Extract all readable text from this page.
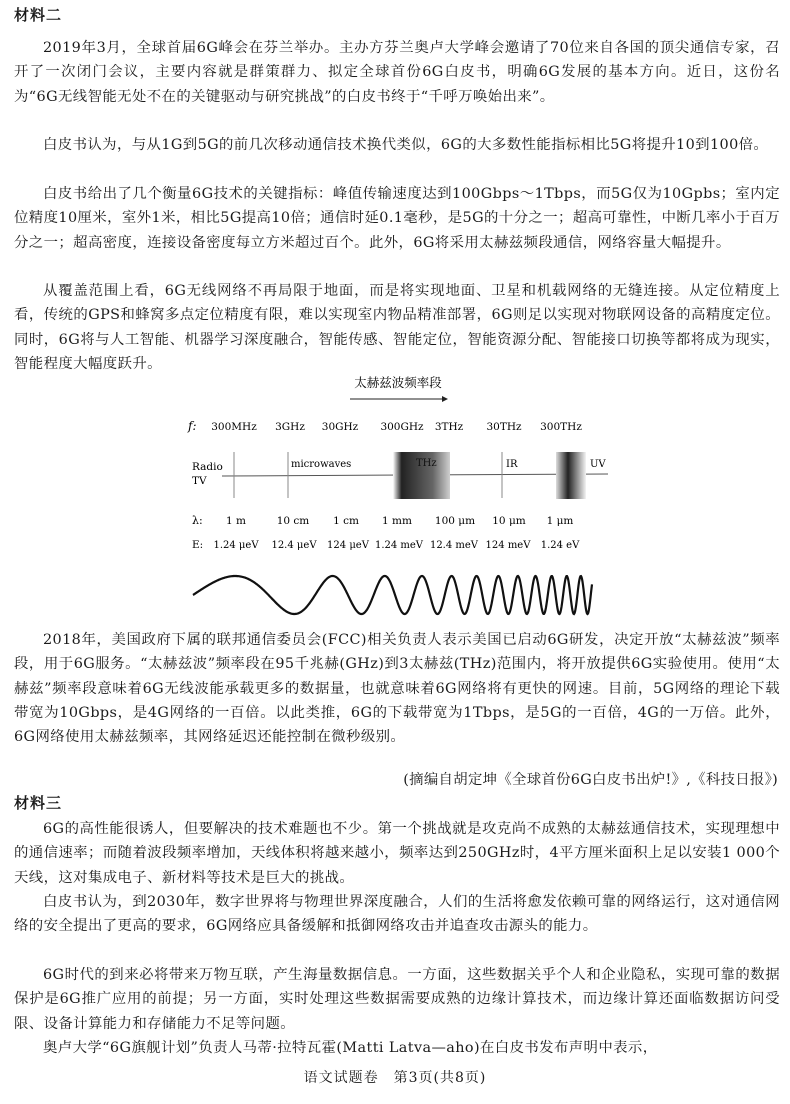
材料二

2019年3月，全球首届6G峰会在芬兰举办。主办方芬兰奥卢大学峰会邀请了70位来自各国的顶尖通信专家，召开了一次闭门会议，主要内容就是群策群力、拟定全球首份6G白皮书，明确6G发展的基本方向。近日，这份名为“6G无线智能无处不在的关键驱动与研究挑战”的白皮书终于“千呼万唤始出来”。

白皮书认为，与从1G到5G的前几次移动通信技术换代类似，6G的大多数性能指标相比5G将提升10到100倍。

白皮书给出了几个衡量6G技术的关键指标：峰值传输速度达到100Gbps～1Tbps，而5G仅为10Gpbs；室内定位精度10厘米，室外1米，相比5G提高10倍；通信时延0.1毫秒，是5G的十分之一；超高可靠性，中断几率小于百万分之一；超高密度，连接设备密度每立方米超过百个。此外，6G将采用太赫兹频段通信，网络容量大幅提升。

从覆盖范围上看，6G无线网络不再局限于地面，而是将实现地面、卫星和机载网络的无缝连接。从定位精度上看，传统的GPS和蜂窝多点定位精度有限，难以实现室内物品精准部署，6G则足以实现对物联网设备的高精度定位。同时，6G将与人工智能、机器学习深度融合，智能传感、智能定位，智能资源分配、智能接口切换等都将成为现实，智能程度大幅度跃升。

太赫兹波频率段
f: 300MHz 3GHz 30GHz 300GHz 3THz 30THz 300THz
Radio
TV
microwaves	THz	IR	UV
λ: 1 m	10 cm 1 cm 1 mm 100 μm 10 μm 1 μm
E: 1.24 μeV 12.4 μeV 124 μeV 1.24 meV 12.4 meV 124 meV 1.24 eV

2018年，美国政府下属的联邦通信委员会(FCC)相关负责人表示美国已启动6G研发，决定开放“太赫兹波”频率段，用于6G服务。“太赫兹波”频率段在95千兆赫(GHz)到3太赫兹(THz)范围内，将开放提供6G实验使用。使用“太赫兹”频率段意味着6G无线波能承载更多的数据量，也就意味着6G网络将有更快的网速。目前，5G网络的理论下载带宽为10Gbps，是4G网络的一百倍。以此类推，6G的下载带宽为1Tbps，是5G的一百倍，4G的一万倍。此外，6G网络使用太赫兹频率，其网络延迟还能控制在微秒级别。

(摘编自胡定坤《全球首份6G白皮书出炉!》,《科技日报》)
材料三

6G的高性能很诱人，但要解决的技术难题也不少。第一个挑战就是攻克尚不成熟的太赫兹通信技术，实现理想中的通信速率；而随着波段频率增加，天线体积将越来越小，频率达到250GHz时，4平方厘米面积上足以安装1 000个天线，这对集成电子、新材料等技术是巨大的挑战。

白皮书认为，到2030年，数字世界将与物理世界深度融合，人们的生活将愈发依赖可靠的网络运行，这对通信网络的安全提出了更高的要求，6G网络应具备缓解和抵御网络攻击并追查攻击源头的能力。

6G时代的到来必将带来万物互联，产生海量数据信息。一方面，这些数据关乎个人和企业隐私，实现可靠的数据保护是6G推广应用的前提；另一方面，实时处理这些数据需要成熟的边缘计算技术，而边缘计算还面临数据访问受限、设备计算能力和存储能力不足等问题。

奥卢大学“6G旗舰计划”负责人马蒂·拉特瓦霍(Matti Latva—aho)在白皮书发布声明中表示，

语文试题卷　第3页(共8页)
